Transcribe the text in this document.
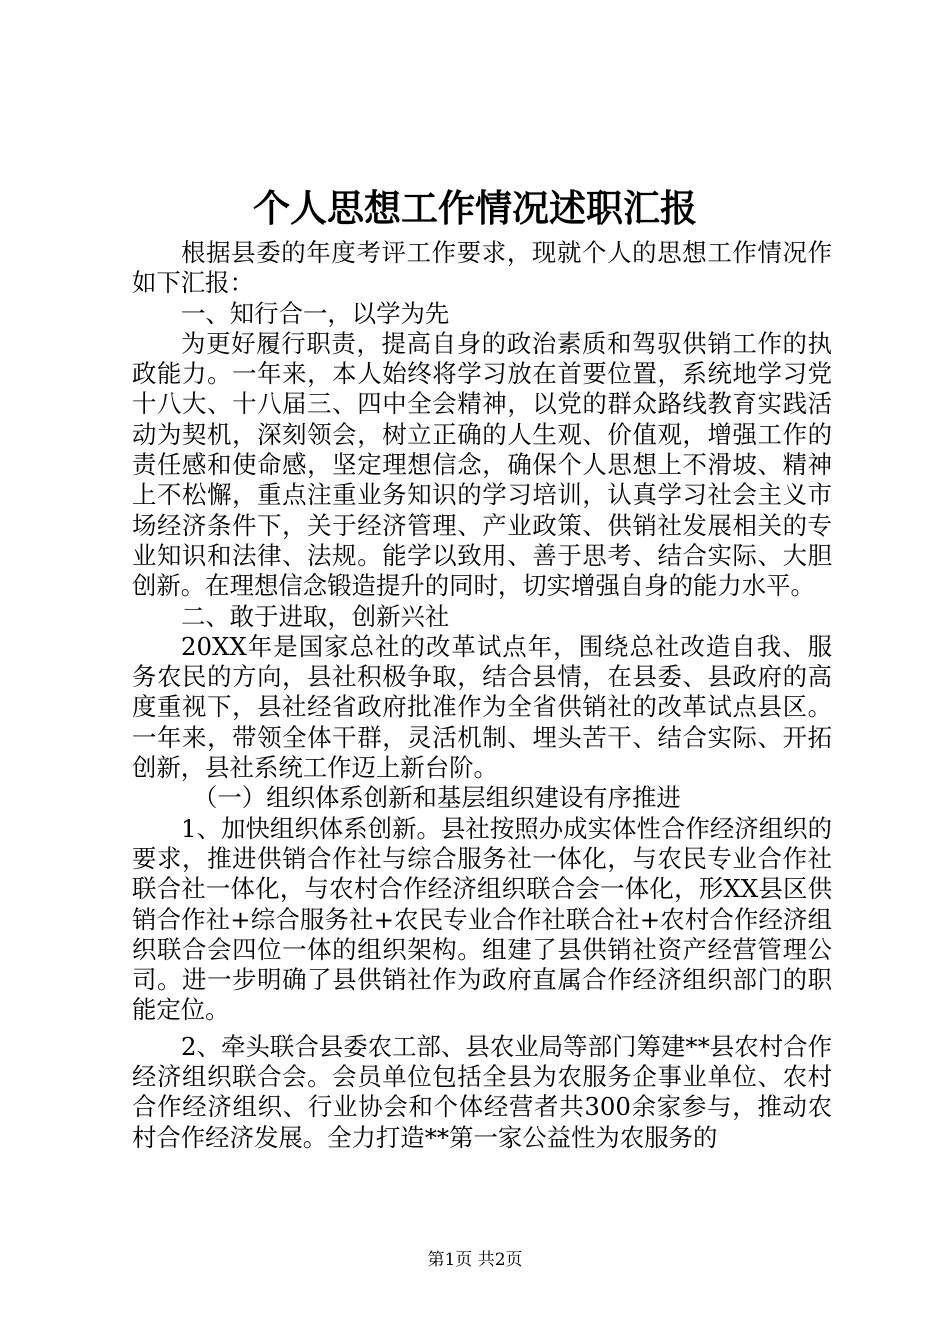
个人思想工作情况述职汇报

根据县委的年度考评工作要求，现就个人的思想工作情况作如下汇报：

一、知行合一，以学为先

为更好履行职责，提高自身的政治素质和驾驭供销工作的执政能力。一年来，本人始终将学习放在首要位置，系统地学习党十八大、十八届三、四中全会精神，以党的群众路线教育实践活动为契机，深刻领会，树立正确的人生观、价值观，增强工作的责任感和使命感，坚定理想信念，确保个人思想上不滑坡、精神上不松懈，重点注重业务知识的学习培训，认真学习社会主义市场经济条件下，关于经济管理、产业政策、供销社发展相关的专业知识和法律、法规。能学以致用、善于思考、结合实际、大胆创新。在理想信念锻造提升的同时，切实增强自身的能力水平。

二、敢于进取，创新兴社

20XX年是国家总社的改革试点年，围绕总社改造自我、服务农民的方向，县社积极争取，结合县情，在县委、县政府的高度重视下，县社经省政府批准作为全省供销社的改革试点县区。一年来，带领全体干群，灵活机制、埋头苦干、结合实际、开拓创新，县社系统工作迈上新台阶。

（一）组织体系创新和基层组织建设有序推进

1、加快组织体系创新。县社按照办成实体性合作经济组织的要求，推进供销合作社与综合服务社一体化，与农民专业合作社联合社一体化，与农村合作经济组织联合会一体化，形XX县区供销合作社+综合服务社+农民专业合作社联合社+农村合作经济组织联合会四位一体的组织架构。组建了县供销社资产经营管理公司。进一步明确了县供销社作为政府直属合作经济组织部门的职能定位。

2、牵头联合县委农工部、县农业局等部门筹建**县农村合作经济组织联合会。会员单位包括全县为农服务企事业单位、农村合作经济组织、行业协会和个体经营者共300余家参与，推动农村合作经济发展。全力打造**第一家公益性为农服务的

第1页 共2页
